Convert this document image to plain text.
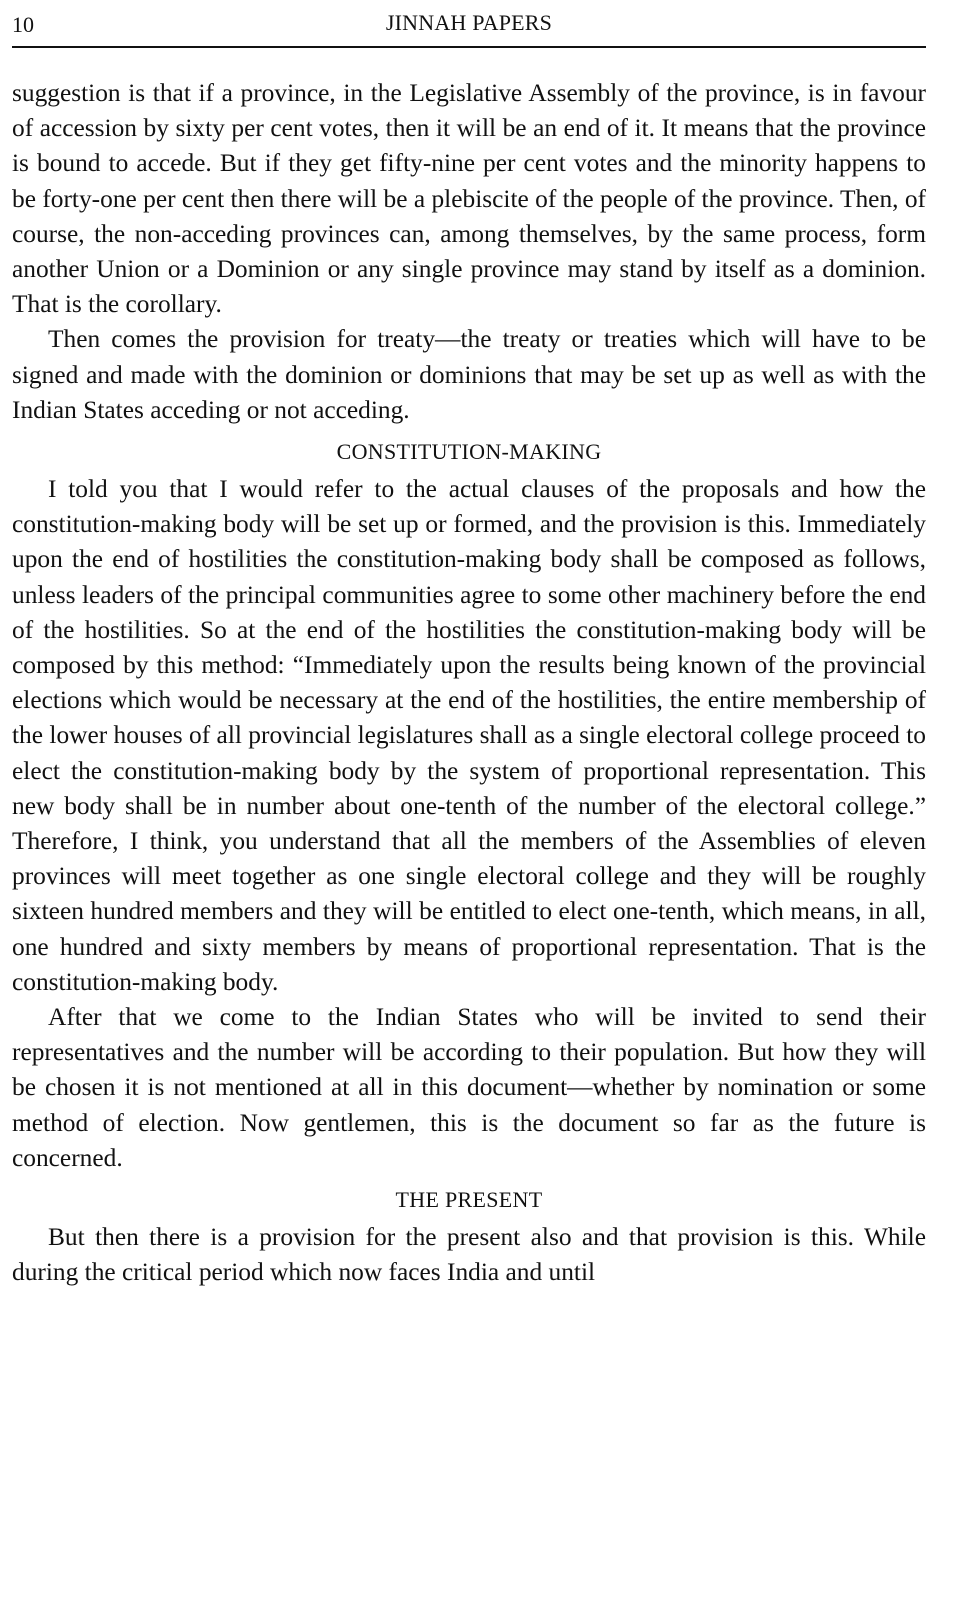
10	JINNAH PAPERS

suggestion is that if a province, in the Legislative Assembly of the province, is in favour of accession by sixty per cent votes, then it will be an end of it. It means that the province is bound to accede. But if they get fifty-nine per cent votes and the minority happens to be forty-one per cent then there will be a plebiscite of the people of the province. Then, of course, the non-acceding provinces can, among themselves, by the same process, form another Union or a Dominion or any single province may stand by itself as a dominion. That is the corollary.

Then comes the provision for treaty—the treaty or treaties which will have to be signed and made with the dominion or dominions that may be set up as well as with the Indian States acceding or not acceding.

CONSTITUTION-MAKING

I told you that I would refer to the actual clauses of the proposals and how the constitution-making body will be set up or formed, and the provision is this. Immediately upon the end of hostilities the constitution-making body shall be composed as follows, unless leaders of the principal communities agree to some other machinery before the end of the hostilities. So at the end of the hostilities the constitution-making body will be composed by this method: “Immediately upon the results being known of the provincial elections which would be necessary at the end of the hostilities, the entire membership of the lower houses of all provincial legislatures shall as a single electoral college proceed to elect the constitution-making body by the system of proportional representation. This new body shall be in number about one-tenth of the number of the electoral college.” Therefore, I think, you understand that all the members of the Assemblies of eleven provinces will meet together as one single electoral college and they will be roughly sixteen hundred members and they will be entitled to elect one-tenth, which means, in all, one hundred and sixty members by means of proportional representation. That is the constitution-making body.

After that we come to the Indian States who will be invited to send their representatives and the number will be according to their population. But how they will be chosen it is not mentioned at all in this document—whether by nomination or some method of election. Now gentlemen, this is the document so far as the future is concerned.

THE PRESENT

But then there is a provision for the present also and that provision is this. While during the critical period which now faces India and until
